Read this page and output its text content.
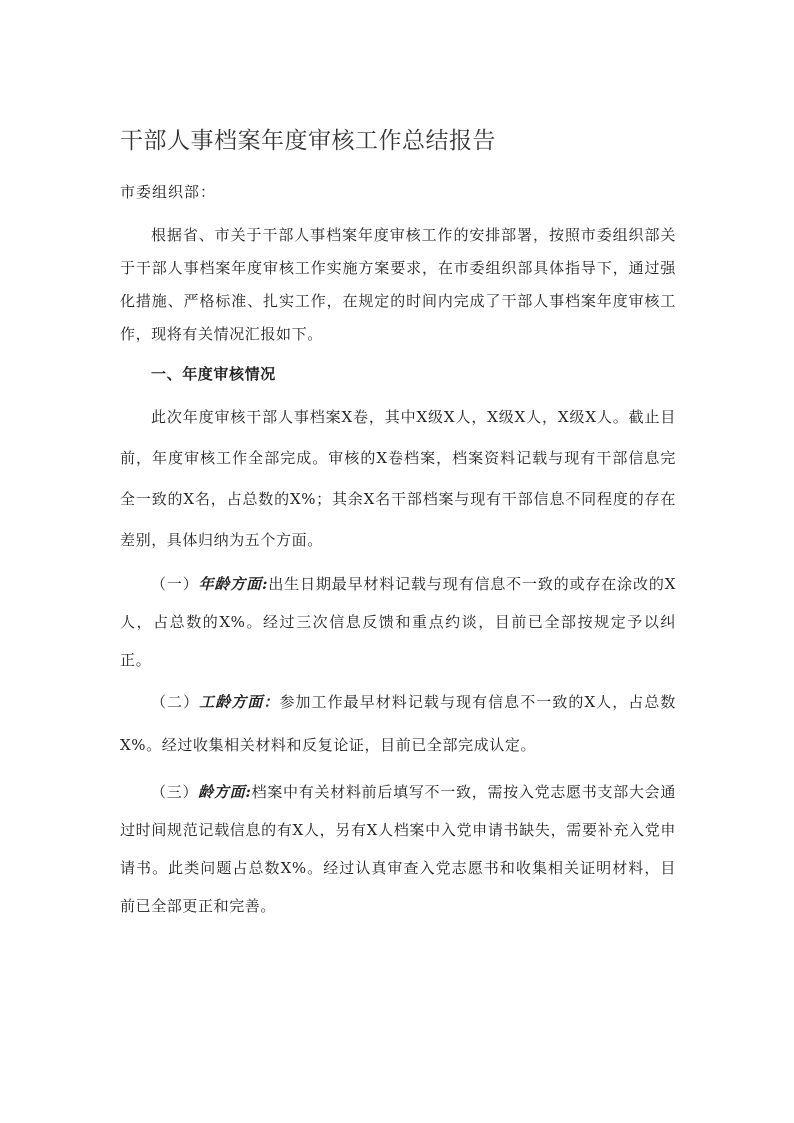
干部人事档案年度审核工作总结报告
市委组织部：
根据省、市关于干部人事档案年度审核工作的安排部署，按照市委组织部关于干部人事档案年度审核工作实施方案要求，在市委组织部具体指导下，通过强化措施、严格标准、扎实工作，在规定的时间内完成了干部人事档案年度审核工作，现将有关情况汇报如下。
一、年度审核情况
此次年度审核干部人事档案X卷，其中X级X人，X级X人，X级X人。截止目前，年度审核工作全部完成。审核的X卷档案，档案资料记载与现有干部信息完全一致的X名，占总数的X%；其余X名干部档案与现有干部信息不同程度的存在差别，具体归纳为五个方面。
（一）年龄方面:出生日期最早材料记载与现有信息不一致的或存在涂改的X人，占总数的X%。经过三次信息反馈和重点约谈，目前已全部按规定予以纠正。
（二）工龄方面：参加工作最早材料记载与现有信息不一致的X人，占总数X%。经过收集相关材料和反复论证，目前已全部完成认定。
（三）龄方面:档案中有关材料前后填写不一致，需按入党志愿书支部大会通过时间规范记载信息的有X人，另有X人档案中入党申请书缺失，需要补充入党申请书。此类问题占总数X%。经过认真审查入党志愿书和收集相关证明材料，目前已全部更正和完善。
